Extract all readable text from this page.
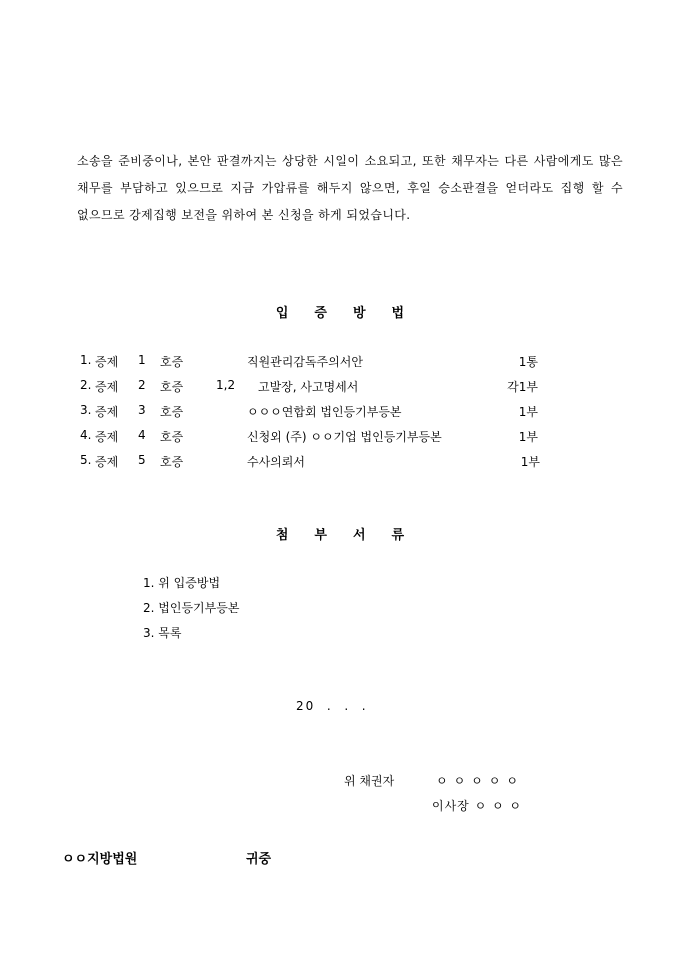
소송을 준비중이나, 본안 판결까지는 상당한 시일이 소요되고, 또한 채무자는 다른 사람에게도 많은 채무를 부담하고 있으므로 지금 가압류를 해두지 않으면, 후일 승소판결을 얻더라도 집행 할 수 없으므로 강제집행 보전을 위하여 본 신청을 하게 되었습니다.

입증방법
1. 증제 1 호증	직원관리감독주의서안	1통
2. 증제 2 호증	1,2 고발장, 사고명세서	각1부
3. 증제 3 호증	ㅇㅇㅇ연합회 법인등기부등본	1부
4. 증제 4 호증	신청외 (주) ㅇㅇ기업 법인등기부등본	1부
5. 증제 5 호증	수사의뢰서	1부
첨부서류
1. 위 입증방법
2. 법인등기부등본
3. 목록
20  .  .  .
위 채권자	ㅇㅇㅇㅇㅇ
이사장 ㅇ ㅇ ㅇ
ㅇㅇ지방법원	귀중
